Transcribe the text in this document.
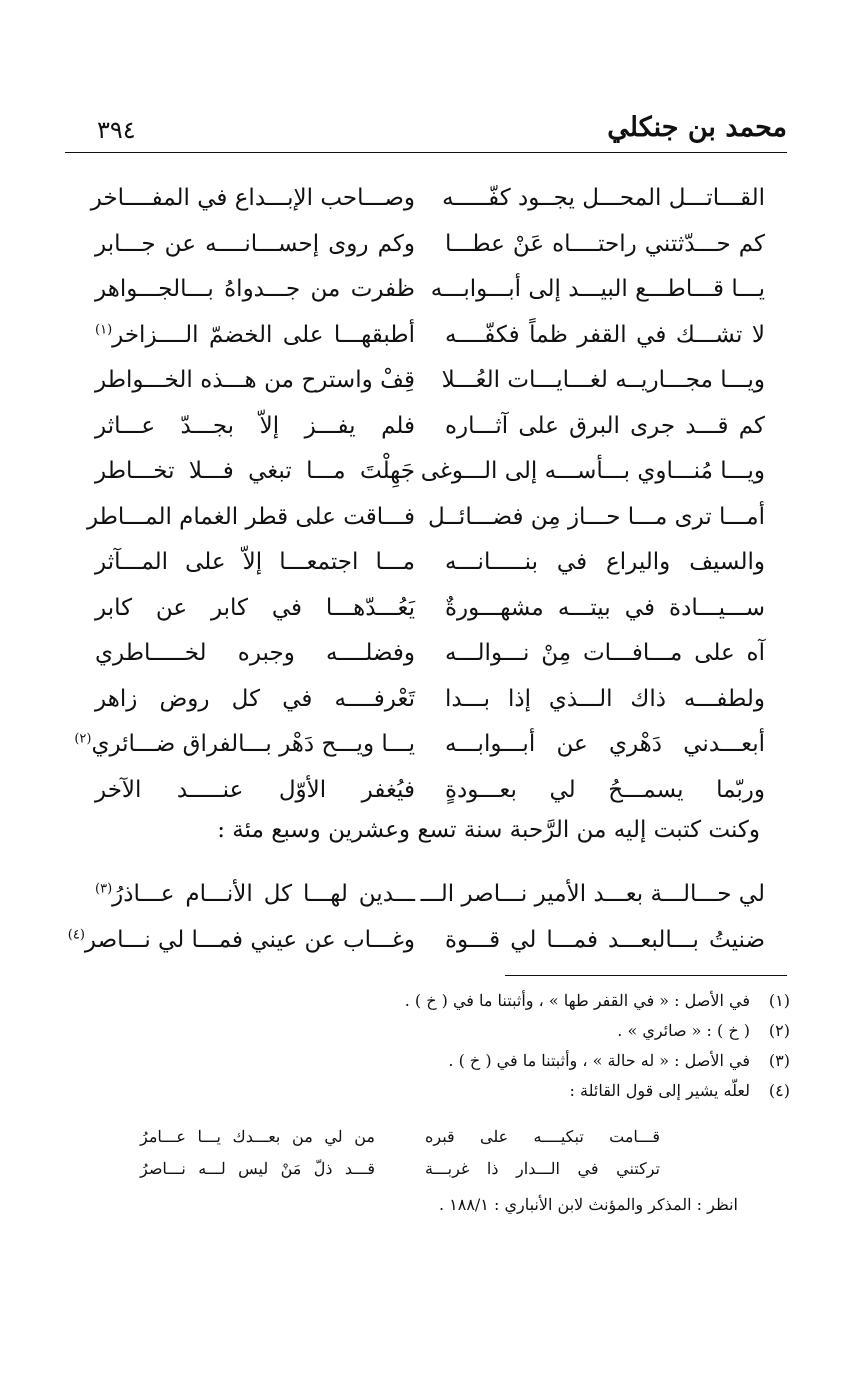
محمد بن جنكلي
٣٩٤
القـــاتـــل المحـــل يجــود كفّـــــه
وصـــاحب الإبـــداع في المفــــاخر
كم حـــدّثتني راحتــــاه عَنْ عطـــا
وكم روى إحســـانــــه عن جـــابر
يـــا قـــاطـــع البيـــد إلى أبـــوابـــه
ظفرت من جـــدواهُ بـــالجـــواهر
لا تشـــك في القفر ظماً فكفّــــه
أطبقهـــا على الخضمّ الــــزاخر$^{(١)}$
ويـــا مجـــاريــه لغـــايـــات العُـــلا
قِفْ واسترح من هـــذه الخـــواطر
كم قـــد جرى البرق على آثـــاره
فلم يفـــز إلاّ بجـــدّ عـــاثر
ويـــا مُنـــاوي بـــأســـه إلى الـــوغى
جَهِلْتَ مـــا تبغي فـــلا تخـــاطر
أمـــا ترى مـــا حـــاز مِن فضـــائــل
فـــاقت على قطر الغمام المـــاطر
والسيف واليراع في بنـــــانـــه
مـــا اجتمعـــا إلاّ على المـــآثر
ســـيـــادة في بيتـــه مشهـــورةٌ
يَعُـــدّهـــا في كابر عن كابر
آه على مـــافـــات مِنْ نـــوالـــه
وفضلــــه وجبره لخـــــاطري
ولطفـــه ذاك الـــذي إذا بـــدا
تَعْرفــــه في كل روض زاهر
أبعـــدني دَهْري عن أبـــوابـــه
يـــا ويـــح دَهْر بـــالفراق ضـــائري$^{(٢)}$
وربّما يسمـــحُ لي بعـــودةٍ
فيُغفر الأوّل عنـــــد الآخر
وكنت كتبت إليه من الرَّحبة سنة تسع وعشرين وسبع مئة :
لي حـــالـــة بعـــد الأمير نـــاصر الـــ
ـــدين لهـــا كل الأنـــام عـــاذرُ$^{(٣)}$
ضنيتُ بـــالبعـــد فمـــا لي قـــوة
وغـــاب عن عيني فمـــا لي نـــاصر$^{(٤)}$
(١)في الأصل : « في القفر طها » ، وأثبتنا ما في ( خ ) .
(٢)( خ ) : « صائري » .
(٣)في الأصل : « له حالة » ، وأثبتنا ما في ( خ ) .
(٤)لعلّه يشير إلى قول القائلة :
قـــامت تبكيــــه على قبره
من لي من بعـــدك يـــا عـــامرُ
تركتني في الـــدار ذا غربـــة
قـــد ذلّ مَنْ ليس لـــه نـــاصرُ
انظر : المذكر والمؤنث لابن الأنباري : ١٨٨/١ .
